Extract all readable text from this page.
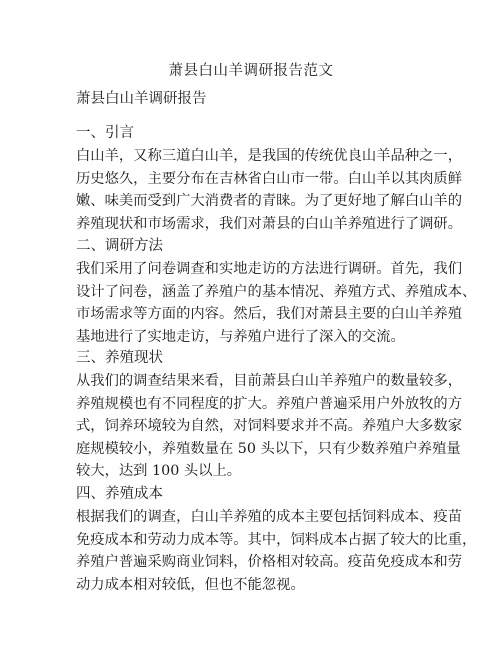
萧县白山羊调研报告范文

萧县白山羊调研报告

一、引言

白山羊，又称三道白山羊，是我国的传统优良山羊品种之一，
历史悠久，主要分布在吉林省白山市一带。白山羊以其肉质鲜
嫩、味美而受到广大消费者的青睐。为了更好地了解白山羊的
养殖现状和市场需求，我们对萧县的白山羊养殖进行了调研。

二、调研方法

我们采用了问卷调查和实地走访的方法进行调研。首先，我们
设计了问卷，涵盖了养殖户的基本情况、养殖方式、养殖成本、
市场需求等方面的内容。然后，我们对萧县主要的白山羊养殖
基地进行了实地走访，与养殖户进行了深入的交流。

三、养殖现状

从我们的调查结果来看，目前萧县白山羊养殖户的数量较多，
养殖规模也有不同程度的扩大。养殖户普遍采用户外放牧的方
式，饲养环境较为自然，对饲料要求并不高。养殖户大多数家
庭规模较小，养殖数量在 50 头以下，只有少数养殖户养殖量
较大，达到 100 头以上。

四、养殖成本

根据我们的调查，白山羊养殖的成本主要包括饲料成本、疫苗
免疫成本和劳动力成本等。其中，饲料成本占据了较大的比重，
养殖户普遍采购商业饲料，价格相对较高。疫苗免疫成本和劳
动力成本相对较低，但也不能忽视。
